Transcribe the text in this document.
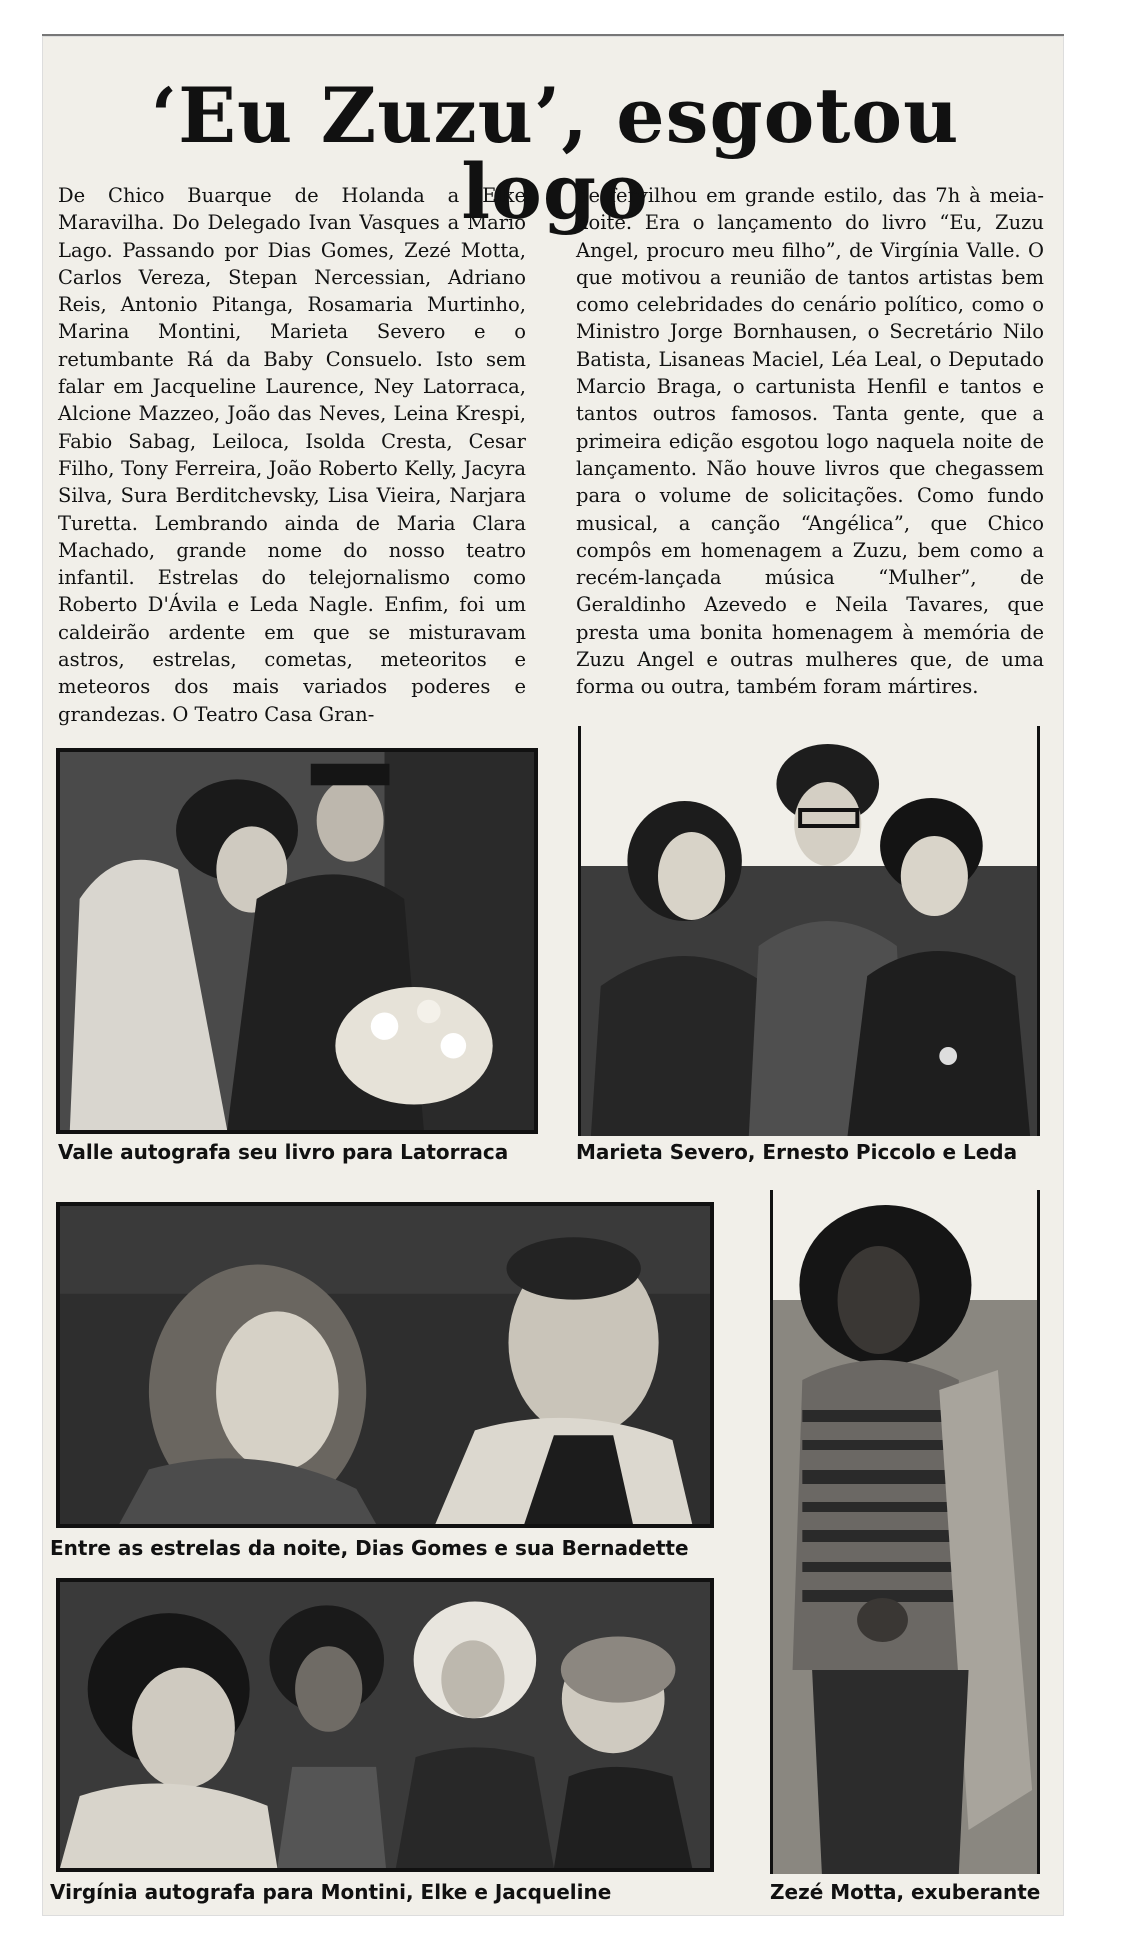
‘Eu Zuzu’, esgotou logo

De Chico Buarque de Holanda a Elke Maravilha. Do Delegado Ivan Vasques a Mario Lago. Passando por Dias Gomes, Zezé Motta, Carlos Vereza, Stepan Nercessian, Adriano Reis, Antonio Pitanga, Rosamaria Murtinho, Marina Montini, Marieta Severo e o retumbante Rá da Baby Consuelo. Isto sem falar em Jacqueline Laurence, Ney Latorraca, Alcione Mazzeo, João das Neves, Leina Krespi, Fabio Sabag, Leiloca, Isolda Cresta, Cesar Filho, Tony Ferreira, João Roberto Kelly, Jacyra Silva, Sura Berditchevsky, Lisa Vieira, Narjara Turetta. Lembrando ainda de Maria Clara Machado, grande nome do nosso teatro infantil. Estrelas do telejornalismo como Roberto D'Ávila e Leda Nagle. Enfim, foi um caldeirão ardente em que se misturavam astros, estrelas, cometas, meteoritos e meteoros dos mais variados poderes e grandezas. O Teatro Casa Gran-

de fervilhou em grande estilo, das 7h à meia-noite. Era o lançamento do livro “Eu, Zuzu Angel, procuro meu filho”, de Virgínia Valle. O que motivou a reunião de tantos artistas bem como celebridades do cenário político, como o Ministro Jorge Bornhausen, o Secretário Nilo Batista, Lisaneas Maciel, Léa Leal, o Deputado Marcio Braga, o cartunista Henfil e tantos e tantos outros famosos. Tanta gente, que a primeira edição esgotou logo naquela noite de lançamento. Não houve livros que chegassem para o volume de solicitações. Como fundo musical, a canção “Angélica”, que Chico compôs em homenagem a Zuzu, bem como a recém-lançada música “Mulher”, de Geraldinho Azevedo e Neila Tavares, que presta uma bonita homenagem à memória de Zuzu Angel e outras mulheres que, de uma forma ou outra, também foram mártires.

Valle autografa seu livro para Latorraca	Marieta Severo, Ernesto Piccolo e Leda

Entre as estrelas da noite, Dias Gomes e sua Bernadette

Zezé Motta, exuberante

Virgínia autografa para Montini, Elke e Jacqueline
